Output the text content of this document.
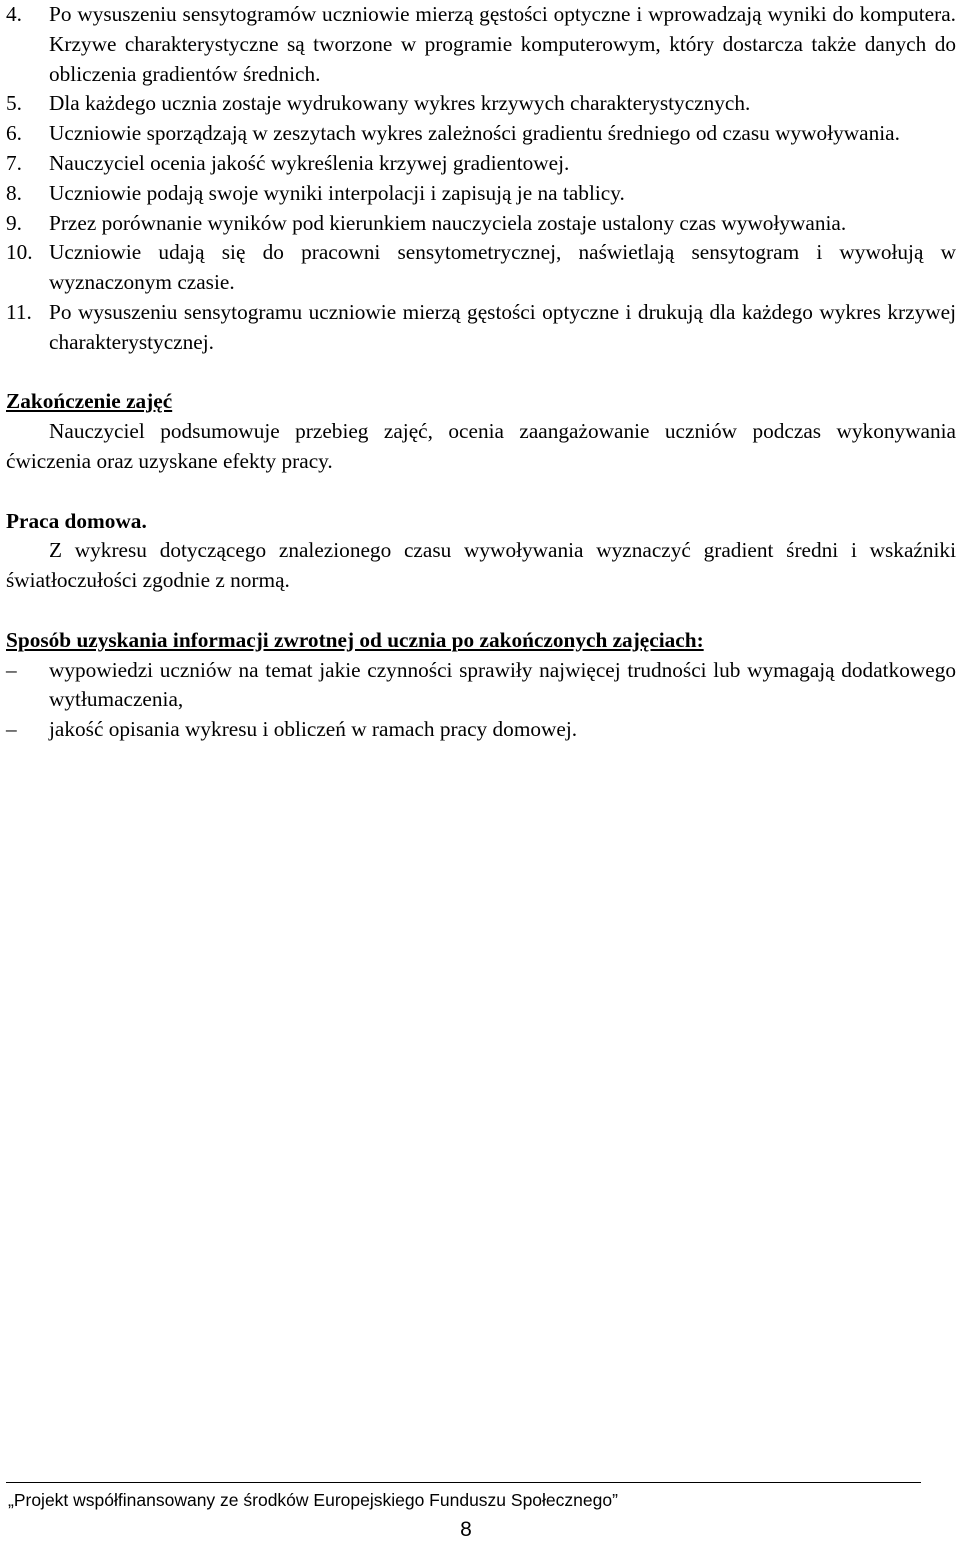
4. Po wysuszeniu sensytogramów uczniowie mierzą gęstości optyczne i wprowadzają wyniki do komputera. Krzywe charakterystyczne są tworzone w programie komputerowym, który dostarcza także danych do obliczenia gradientów średnich.
5. Dla każdego ucznia zostaje wydrukowany wykres krzywych charakterystycznych.
6. Uczniowie sporządzają w zeszytach wykres zależności gradientu średniego od czasu wywoływania.
7. Nauczyciel ocenia jakość wykreślenia krzywej gradientowej.
8. Uczniowie podają swoje wyniki interpolacji i zapisują je na tablicy.
9. Przez porównanie wyników pod kierunkiem nauczyciela zostaje ustalony czas wywoływania.
10. Uczniowie udają się do pracowni sensytometrycznej, naświetlają sensytogram i wywołują w wyznaczonym czasie.
11. Po wysuszeniu sensytogramu uczniowie mierzą gęstości optyczne i drukują dla każdego wykres krzywej charakterystycznej.
Zakończenie zajęć
Nauczyciel podsumowuje przebieg zajęć, ocenia zaangażowanie uczniów podczas wykonywania ćwiczenia oraz uzyskane efekty pracy.
Praca domowa.
Z wykresu dotyczącego znalezionego czasu wywoływania wyznaczyć gradient średni i wskaźniki światłoczułości zgodnie z normą.
Sposób uzyskania informacji zwrotnej od ucznia po zakończonych zajęciach:
– wypowiedzi uczniów na temat jakie czynności sprawiły najwięcej trudności lub wymagają dodatkowego wytłumaczenia,
– jakość opisania wykresu i obliczeń w ramach pracy domowej.
„Projekt współfinansowany ze środków Europejskiego Funduszu Społecznego”
8
